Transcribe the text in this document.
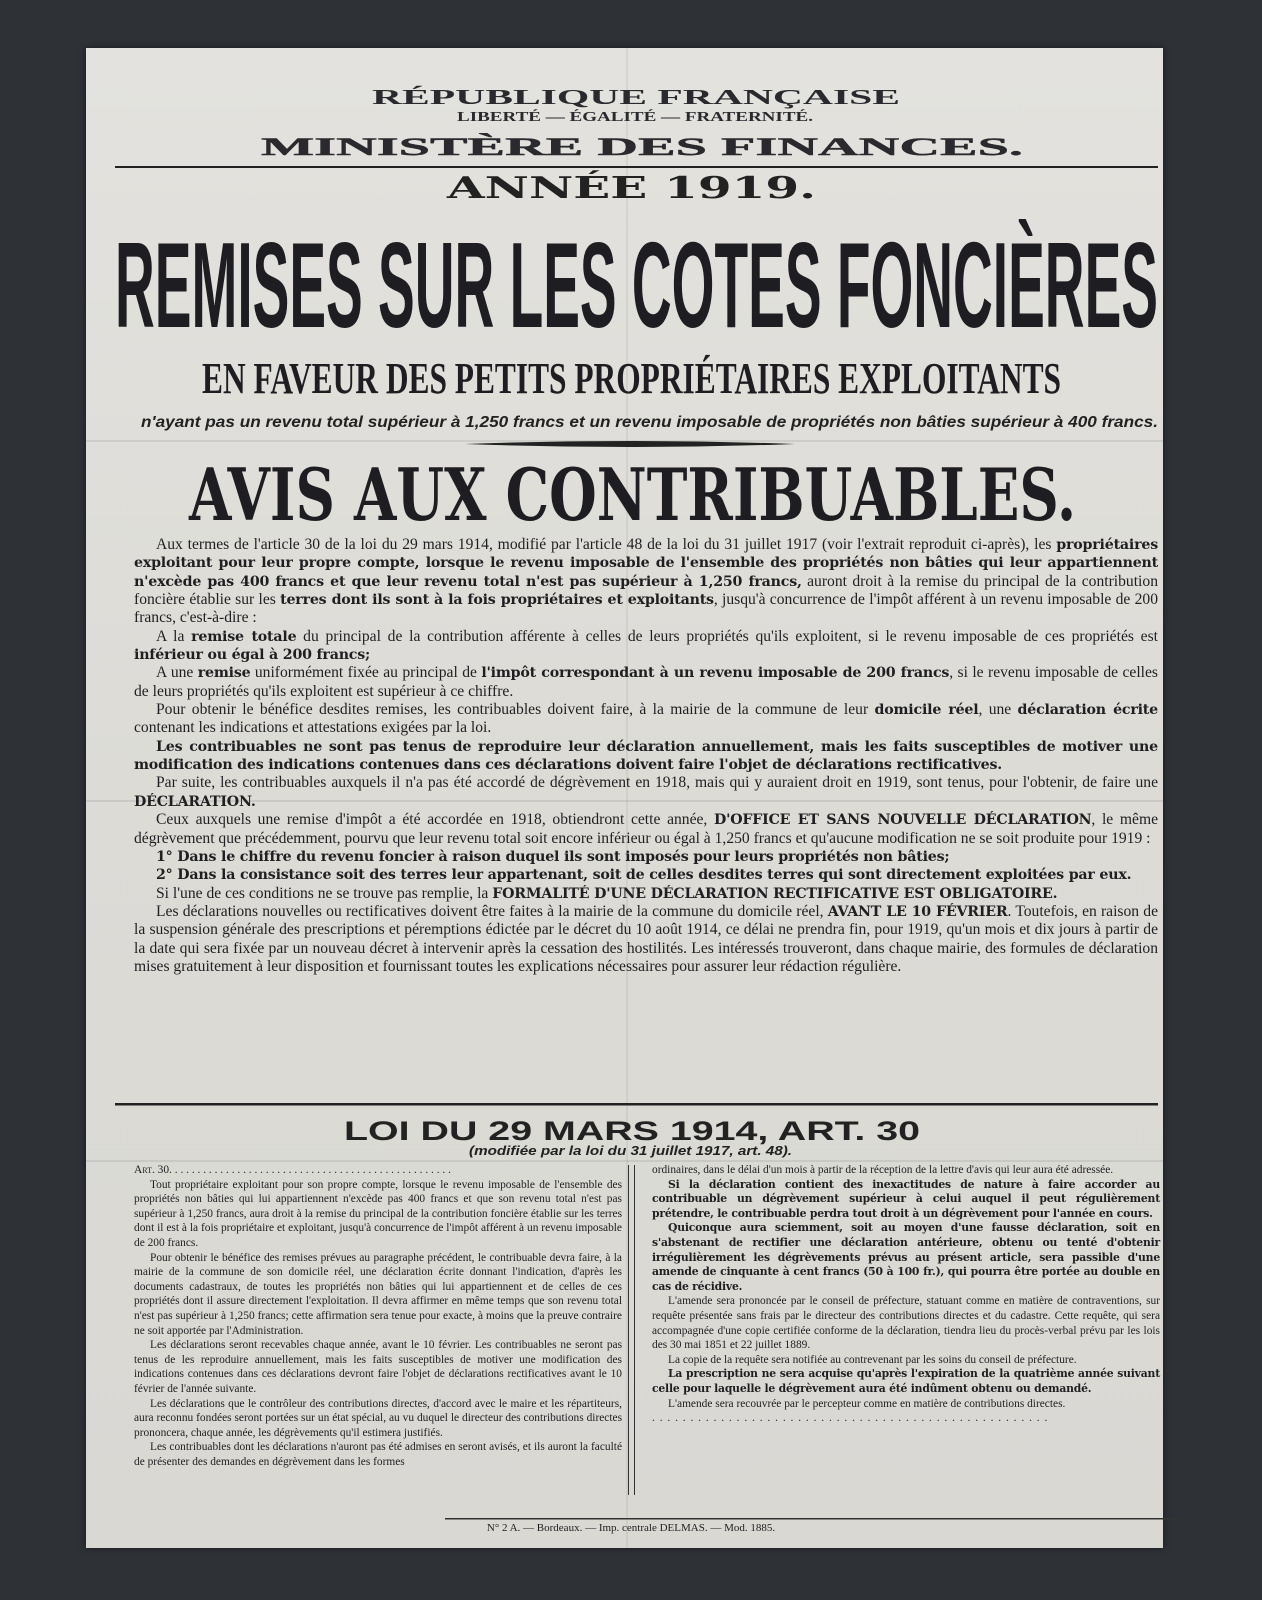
RÉPUBLIQUE FRANÇAISE
LIBERTÉ — ÉGALITÉ — FRATERNITÉ.
MINISTÈRE DES FINANCES.
ANNÉE 1919.
REMISES SUR LES COTES FONCIÈRES
EN FAVEUR DES PETITS PROPRIÉTAIRES EXPLOITANTS
n'ayant pas un revenu total supérieur à 1,250 francs et un revenu imposable de propriétés non bâties supérieur à 400 francs.
AVIS AUX CONTRIBUABLES.
LOI DU 29 MARS 1914, ART. 30
(modifiée par la loi du 31 juillet 1917, art. 48).

Aux termes de l'article 30 de la loi du 29 mars 1914, modifié par l'article 48 de la loi du 31 juillet 1917 (voir l'extrait reproduit ci-après), les propriétaires exploitant pour leur propre compte, lorsque le revenu imposable de l'ensemble des propriétés non bâties qui leur appartiennent n'excède pas 400 francs et que leur revenu total n'est pas supérieur à 1,250 francs, auront droit à la remise du principal de la contribution foncière établie sur les terres dont ils sont à la fois propriétaires et exploitants, jusqu'à concurrence de l'impôt afférent à un revenu imposable de 200 francs, c'est-à-dire :

A la remise totale du principal de la contribution afférente à celles de leurs propriétés qu'ils exploitent, si le revenu imposable de ces propriétés est inférieur ou égal à 200 francs;

A une remise uniformément fixée au principal de l'impôt correspondant à un revenu imposable de 200 francs, si le revenu imposable de celles de leurs propriétés qu'ils exploitent est supérieur à ce chiffre.

Pour obtenir le bénéfice desdites remises, les contribuables doivent faire, à la mairie de la commune de leur domicile réel, une déclaration écrite contenant les indications et attestations exigées par la loi.

Les contribuables ne sont pas tenus de reproduire leur déclaration annuellement, mais les faits susceptibles de motiver une modification des indications contenues dans ces déclarations doivent faire l'objet de déclarations rectificatives.

Par suite, les contribuables auxquels il n'a pas été accordé de dégrèvement en 1918, mais qui y auraient droit en 1919, sont tenus, pour l'obtenir, de faire une DÉCLARATION.

Ceux auxquels une remise d'impôt a été accordée en 1918, obtiendront cette année, D'OFFICE ET SANS NOUVELLE DÉCLARATION, le même dégrèvement que précédemment, pourvu que leur revenu total soit encore inférieur ou égal à 1,250 francs et qu'aucune modification ne se soit produite pour 1919 :

1° Dans le chiffre du revenu foncier à raison duquel ils sont imposés pour leurs propriétés non bâties;

2° Dans la consistance soit des terres leur appartenant, soit de celles desdites terres qui sont directement exploitées par eux.

Si l'une de ces conditions ne se trouve pas remplie, la FORMALITÉ D'UNE DÉCLARATION RECTIFICATIVE EST OBLIGATOIRE.

Les déclarations nouvelles ou rectificatives doivent être faites à la mairie de la commune du domicile réel, AVANT LE 10 FÉVRIER. Toutefois, en raison de la suspension générale des prescriptions et péremptions édictée par le décret du 10 août 1914, ce délai ne prendra fin, pour 1919, qu'un mois et dix jours à partir de la date qui sera fixée par un nouveau décret à intervenir après la cessation des hostilités. Les intéressés trouveront, dans chaque mairie, des formules de déclaration mises gratuitement à leur disposition et fournissant toutes les explications nécessaires pour assurer leur rédaction régulière.

Art. 30. . . . . . . . . . . . . . . . . . . . . . . . . . . . . . . . . . . . . . . . . . . . . . . . . .

Tout propriétaire exploitant pour son propre compte, lorsque le revenu imposable de l'ensemble des propriétés non bâties qui lui appartiennent n'excède pas 400 francs et que son revenu total n'est pas supérieur à 1,250 francs, aura droit à la remise du principal de la contribution foncière établie sur les terres dont il est à la fois propriétaire et exploitant, jusqu'à concurrence de l'impôt afférent à un revenu imposable de 200 francs.

Pour obtenir le bénéfice des remises prévues au paragraphe précédent, le contribuable devra faire, à la mairie de la commune de son domicile réel, une déclaration écrite donnant l'indication, d'après les documents cadastraux, de toutes les propriétés non bâties qui lui appartiennent et de celles de ces propriétés dont il assure directement l'exploitation. Il devra affirmer en même temps que son revenu total n'est pas supérieur à 1,250 francs; cette affirmation sera tenue pour exacte, à moins que la preuve contraire ne soit apportée par l'Administration.

Les déclarations seront recevables chaque année, avant le 10 février. Les contribuables ne seront pas tenus de les reproduire annuellement, mais les faits susceptibles de motiver une modification des indications contenues dans ces déclarations devront faire l'objet de déclarations rectificatives avant le 10 février de l'année suivante.

Les déclarations que le contrôleur des contributions directes, d'accord avec le maire et les répartiteurs, aura reconnu fondées seront portées sur un état spécial, au vu duquel le directeur des contributions directes prononcera, chaque année, les dégrèvements qu'il estimera justifiés.

Les contribuables dont les déclarations n'auront pas été admises en seront avisés, et ils auront la faculté de présenter des demandes en dégrèvement dans les formes

ordinaires, dans le délai d'un mois à partir de la réception de la lettre d'avis qui leur aura été adressée.

Si la déclaration contient des inexactitudes de nature à faire accorder au contribuable un dégrèvement supérieur à celui auquel il peut régulièrement prétendre, le contribuable perdra tout droit à un dégrèvement pour l'année en cours.

Quiconque aura sciemment, soit au moyen d'une fausse déclaration, soit en s'abstenant de rectifier une déclaration antérieure, obtenu ou tenté d'obtenir irrégulièrement les dégrèvements prévus au présent article, sera passible d'une amende de cinquante à cent francs (50 à 100 fr.), qui pourra être portée au double en cas de récidive.

L'amende sera prononcée par le conseil de préfecture, statuant comme en matière de contraventions, sur requête présentée sans frais par le directeur des contributions directes et du cadastre. Cette requête, qui sera accompagnée d'une copie certifiée conforme de la déclaration, tiendra lieu du procès-verbal prévu par les lois des 30 mai 1851 et 22 juillet 1889.

La copie de la requête sera notifiée au contrevenant par les soins du conseil de préfecture.

La prescription ne sera acquise qu'après l'expiration de la quatrième année suivant celle pour laquelle le dégrèvement aura été indûment obtenu ou demandé.

L'amende sera recouvrée par le percepteur comme en matière de contributions directes.

. . . . . . . . . . . . . . . . . . . . . . . . . . . . . . . . . . . . . . . . . . . . . . . . . . . .

N° 2 A. — Bordeaux. — Imp. centrale DELMAS. — Mod. 1885.
